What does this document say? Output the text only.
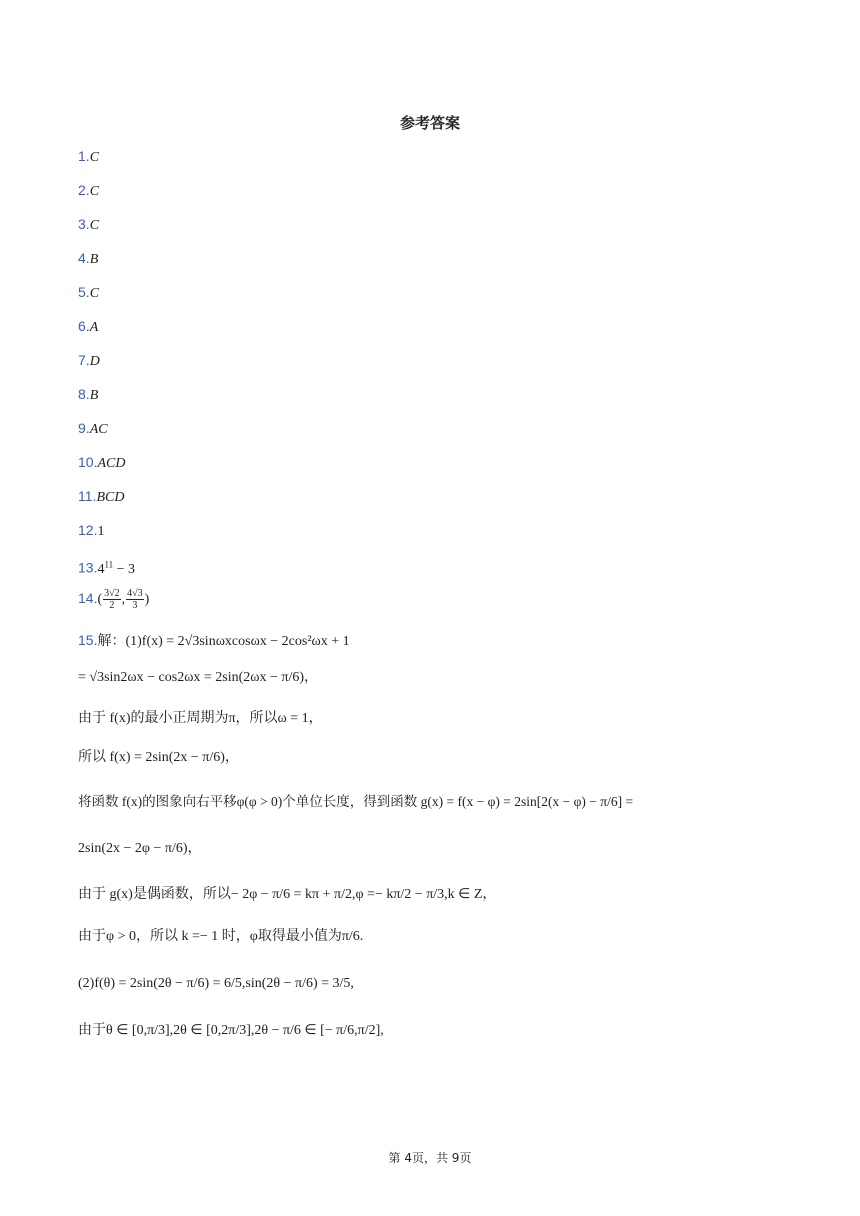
参考答案
1.C
2.C
3.C
4.B
5.C
6.A
7.D
8.B
9.AC
10.ACD
11.BCD
12.1
$13.4^{11} - 3$
$14.( \frac{3√2}{2}$ , $\frac{4√3}{3}$ )
15.解：(1)f(x) = 2√3sinωxcosωx − 2cos²ωx + 1
= √3sin2ωx − cos2ωx = 2sin(2ωx − π/6)，
由于 f(x)的最小正周期为π，所以ω = 1，
所以 f(x) = 2sin(2x − π/6)，
将函数 f(x)的图象向右平移φ(φ > 0)个单位长度，得到函数 g(x) = f(x − φ) = 2sin[2(x − φ) − π/6] =
2sin(2x − 2φ − π/6)，
由于 g(x)是偶函数，所以− 2φ − π/6 = kπ + π/2,φ =− kπ/2 − π/3,k ∈ Z，
由于φ > 0，所以 k =− 1 时，φ取得最小值为π/6.
(2)f(θ) = 2sin(2θ − π/6) = 6/5,sin(2θ − π/6) = 3/5,
由于θ ∈ [0,π/3],2θ ∈ [0,2π/3],2θ − π/6 ∈ [− π/6,π/2],
第 4页，共 9页
